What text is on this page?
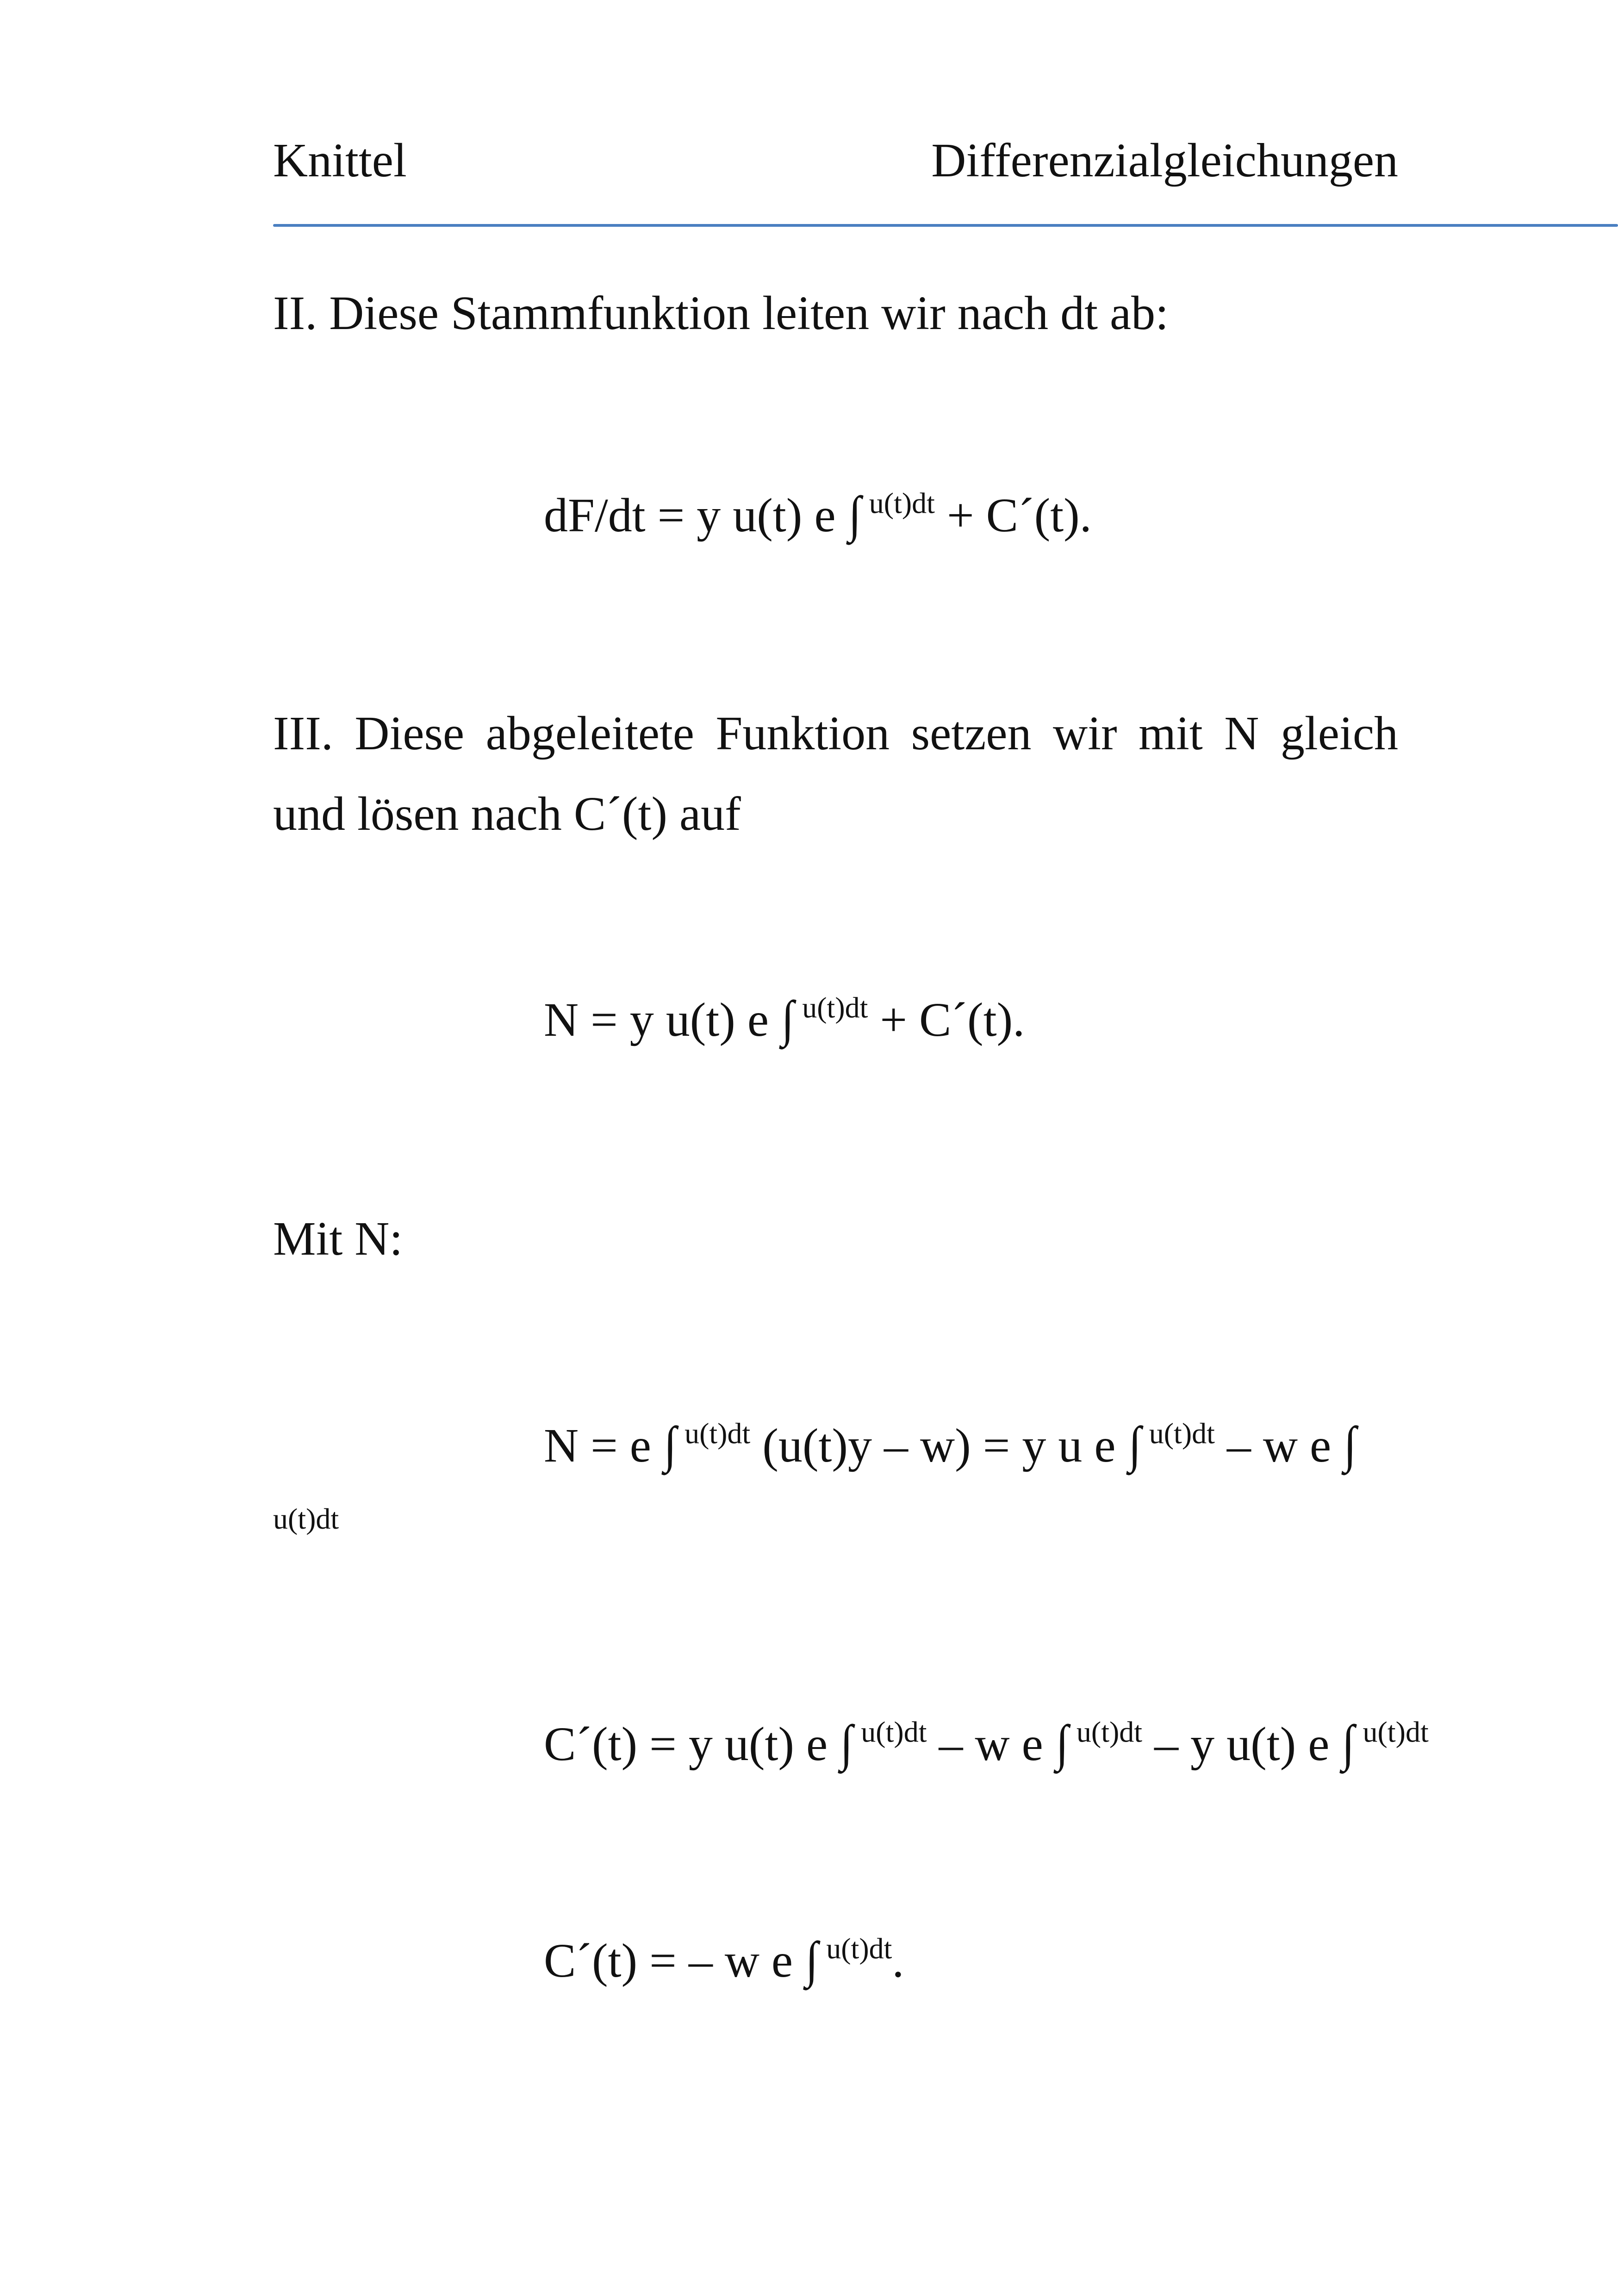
Knittel	Differenzialgleichungen
II. Diese Stammfunktion leiten wir nach dt ab:
dF/dt = y u(t) e ∫ $^{u(t)dt}$ + C´(t).
III. Diese abgeleitete Funktion setzen wir mit N gleich und lösen nach C´(t) auf
N = y u(t) e ∫ $^{u(t)dt}$ + C´(t).
Mit N:
N = e ∫ $^{u(t)dt}$ (u(t)y – w) = y u e ∫ $^{u(t)dt}$ – w e ∫
u(t)dt
C´(t) = y u(t) e ∫ $^{u(t)dt}$ – w e ∫ $^{u(t)dt}$ – y u(t) e ∫ $^{u(t)dt}$
C´(t) = – w e ∫ $^{u(t)dt}$.
